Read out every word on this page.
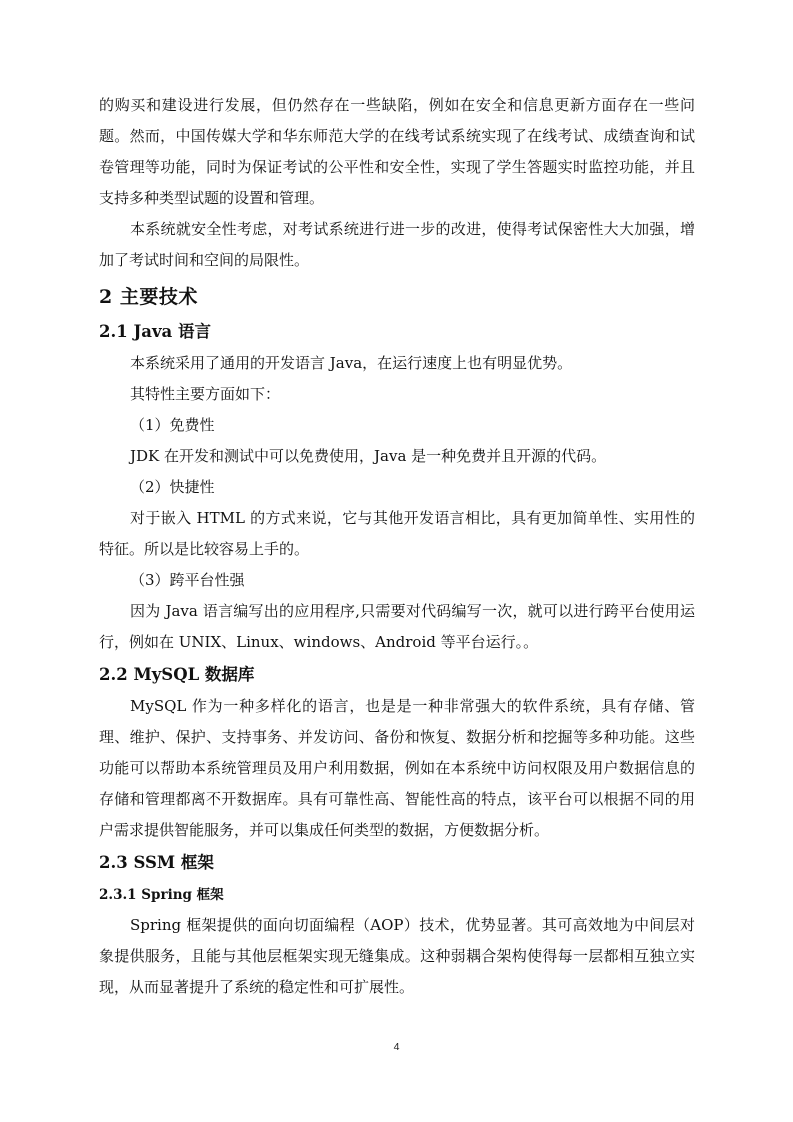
的购买和建设进行发展，但仍然存在一些缺陷，例如在安全和信息更新方面存在一些问题。然而，中国传媒大学和华东师范大学的在线考试系统实现了在线考试、成绩查询和试卷管理等功能，同时为保证考试的公平性和安全性，实现了学生答题实时监控功能，并且支持多种类型试题的设置和管理。

本系统就安全性考虑，对考试系统进行进一步的改进，使得考试保密性大大加强，增加了考试时间和空间的局限性。

2 主要技术
2.1 Java 语言

本系统采用了通用的开发语言 Java，在运行速度上也有明显优势。

其特性主要方面如下：

（1）免费性

JDK 在开发和测试中可以免费使用，Java 是一种免费并且开源的代码。

（2）快捷性

对于嵌入 HTML 的方式来说，它与其他开发语言相比，具有更加简单性、实用性的特征。所以是比较容易上手的。

（3）跨平台性强

因为 Java 语言编写出的应用程序,只需要对代码编写一次，就可以进行跨平台使用运行，例如在 UNIX、Linux、windows、Android 等平台运行。。

2.2 MySQL 数据库

MySQL 作为一种多样化的语言，也是是一种非常强大的软件系统，具有存储、管理、维护、保护、支持事务、并发访问、备份和恢复、数据分析和挖掘等多种功能。这些功能可以帮助本系统管理员及用户利用数据，例如在本系统中访问权限及用户数据信息的存储和管理都离不开数据库。具有可靠性高、智能性高的特点，该平台可以根据不同的用户需求提供智能服务，并可以集成任何类型的数据，方便数据分析。

2.3 SSM 框架
2.3.1 Spring 框架

Spring 框架提供的面向切面编程（AOP）技术，优势显著。其可高效地为中间层对象提供服务，且能与其他层框架实现无缝集成。这种弱耦合架构使得每一层都相互独立实现，从而显著提升了系统的稳定性和可扩展性。

4
